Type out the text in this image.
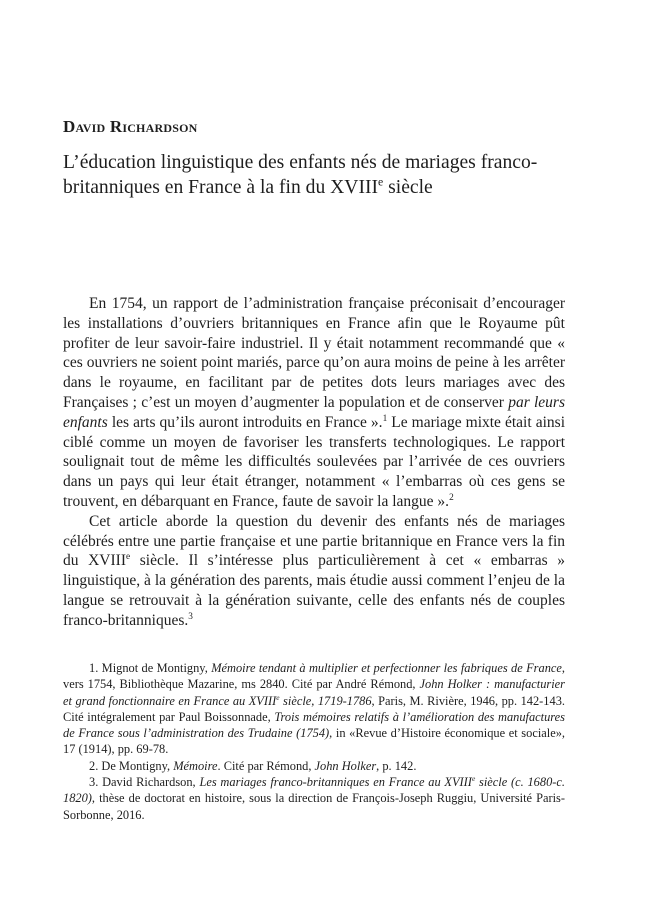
David Richardson
L’éducation linguistique des enfants nés de mariages franco-britanniques en France à la fin du XVIIIe siècle

En 1754, un rapport de l’administration française préconisait d’encourager les installations d’ouvriers britanniques en France afin que le Royaume pût profiter de leur savoir-faire industriel. Il y était notamment recommandé que « ces ouvriers ne soient point mariés, parce qu’on aura moins de peine à les arrêter dans le royaume, en facilitant par de petites dots leurs mariages avec des Françaises ; c’est un moyen d’augmenter la population et de conserver par leurs enfants les arts qu’ils auront introduits en France ».$^1$ Le mariage mixte était ainsi ciblé comme un moyen de favoriser les transferts technologiques. Le rapport soulignait tout de même les difficultés soulevées par l’arrivée de ces ouvriers dans un pays qui leur était étranger, notamment « l’embarras où ces gens se trouvent, en débarquant en France, faute de savoir la langue ».$^2$

Cet article aborde la question du devenir des enfants nés de mariages célébrés entre une partie française et une partie britannique en France vers la fin du XVIIIe siècle. Il s’intéresse plus particulièrement à cet « embarras » linguistique, à la génération des parents, mais étudie aussi comment l’enjeu de la langue se retrouvait à la génération suivante, celle des enfants nés de couples franco-britanniques.$^3$

1. Mignot de Montigny, Mémoire tendant à multiplier et perfectionner les fabriques de France, vers 1754, Bibliothèque Mazarine, ms 2840. Cité par André Rémond, John Holker : manufacturier et grand fonctionnaire en France au XVIIIe siècle, 1719-1786, Paris, M. Rivière, 1946, pp. 142-143. Cité intégralement par Paul Boissonnade, Trois mémoires relatifs à l’amélioration des manufactures de France sous l’administration des Trudaine (1754), in «Revue d’Histoire économique et sociale», 17 (1914), pp. 69-78.

2. De Montigny, Mémoire. Cité par Rémond, John Holker, p. 142.

3. David Richardson, Les mariages franco-britanniques en France au XVIIIe siècle (c. 1680-c. 1820), thèse de doctorat en histoire, sous la direction de François-Joseph Ruggiu, Université Paris-Sorbonne, 2016.
